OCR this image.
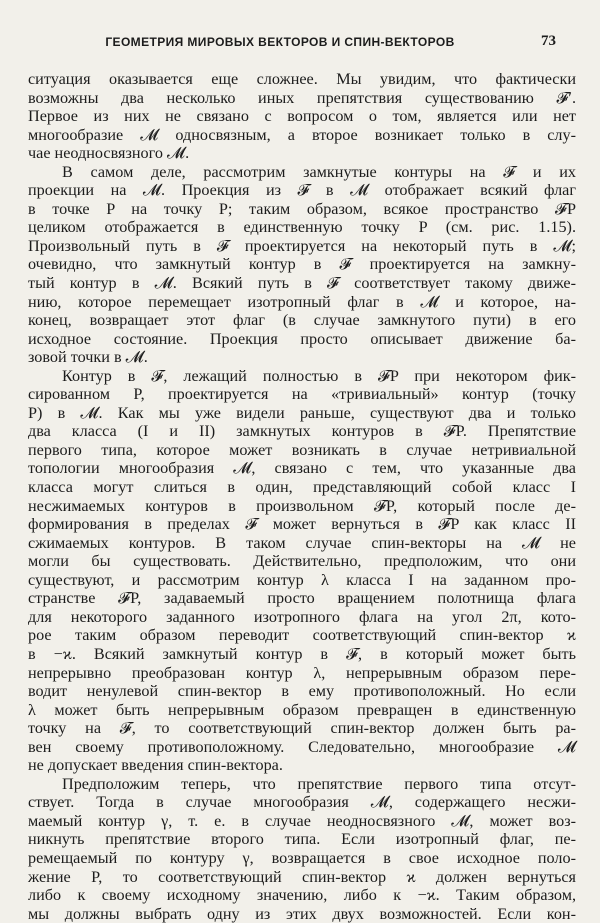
ГЕОМЕТРИЯ МИРОВЫХ ВЕКТОРОВ И СПИН-ВЕКТОРОВ	73
ситуация оказывается еще сложнее. Мы увидим, что фактически
возможны два несколько иных препятствия существованию 𝓕′.
Первое из них не связано с вопросом о том, является или нет
многообразие 𝓜 односвязным, а второе возникает только в слу-
чае неодносвязного 𝓜.
В самом деле, рассмотрим замкнутые контуры на 𝓕 и их
проекции на 𝓜. Проекция из 𝓕 в 𝓜 отображает всякий флаг
в точке P на точку P; таким образом, всякое пространство 𝓕P
целиком отображается в единственную точку P (см. рис. 1.15).
Произвольный путь в 𝓕 проектируется на некоторый путь в 𝓜;
очевидно, что замкнутый контур в 𝓕 проектируется на замкну-
тый контур в 𝓜. Всякий путь в 𝓕 соответствует такому движе-
нию, которое перемещает изотропный флаг в 𝓜 и которое, на-
конец, возвращает этот флаг (в случае замкнутого пути) в его
исходное состояние. Проекция просто описывает движение ба-
зовой точки в 𝓜.
Контур в 𝓕, лежащий полностью в 𝓕P при некотором фик-
сированном P, проектируется на «тривиальный» контур (точку
P) в 𝓜. Как мы уже видели раньше, существуют два и только
два класса (I и II) замкнутых контуров в 𝓕P. Препятствие
первого типа, которое может возникать в случае нетривиальной
топологии многообразия 𝓜, связано с тем, что указанные два
класса могут слиться в один, представляющий собой класс I
несжимаемых контуров в произвольном 𝓕P, который после де-
формирования в пределах 𝓕 может вернуться в 𝓕P как класс II
сжимаемых контуров. В таком случае спин-векторы на 𝓜 не
могли бы существовать. Действительно, предположим, что они
существуют, и рассмотрим контур λ класса I на заданном про-
странстве 𝓕P, задаваемый просто вращением полотнища флага
для некоторого заданного изотропного флага на угол 2π, кото-
рое таким образом переводит соответствующий спин-вектор ϰ
в −ϰ. Всякий замкнутый контур в 𝓕, в который может быть
непрерывно преобразован контур λ, непрерывным образом пере-
водит ненулевой спин-вектор в ему противоположный. Но если
λ может быть непрерывным образом превращен в единственную
точку на 𝓕, то соответствующий спин-вектор должен быть ра-
вен своему противоположному. Следовательно, многообразие 𝓜
не допускает введения спин-вектора.
Предположим теперь, что препятствие первого типа отсут-
ствует. Тогда в случае многообразия 𝓜, содержащего несжи-
маемый контур γ, т. е. в случае неодносвязного 𝓜, может воз-
никнуть препятствие второго типа. Если изотропный флаг, пе-
ремещаемый по контуру γ, возвращается в свое исходное поло-
жение P, то соответствующий спин-вектор ϰ должен вернуться
либо к своему исходному значению, либо к −ϰ. Таким образом,
мы должны выбрать одну из этих двух возможностей. Если кон-
